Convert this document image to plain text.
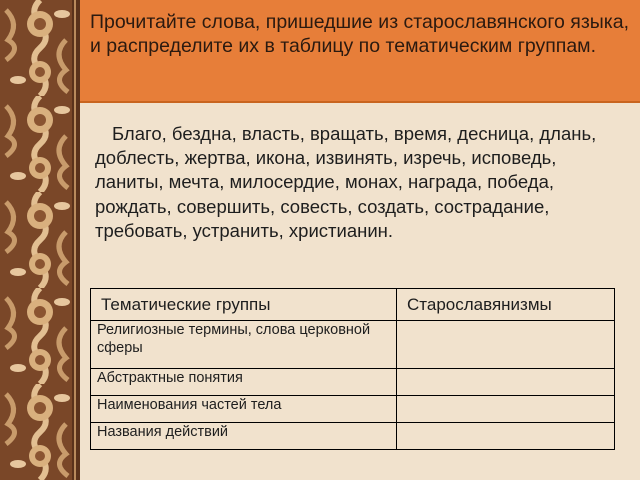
Прочитайте слова, пришедшие из старославянского языка, и распределите их в таблицу по тематическим группам.
Благо, бездна, власть, вращать, время, десница, длань, доблесть, жертва, икона, извинять, изречь, исповедь, ланиты, мечта, милосердие, монах, награда, победа, рождать, совершить, совесть, создать, сострадание, требовать, устранить, христианин.
Тематические группы	Старославянизмы
Религиозные термины, слова церковной сферы	
Абстрактные понятия	
Наименования частей тела	
Названия действий	
